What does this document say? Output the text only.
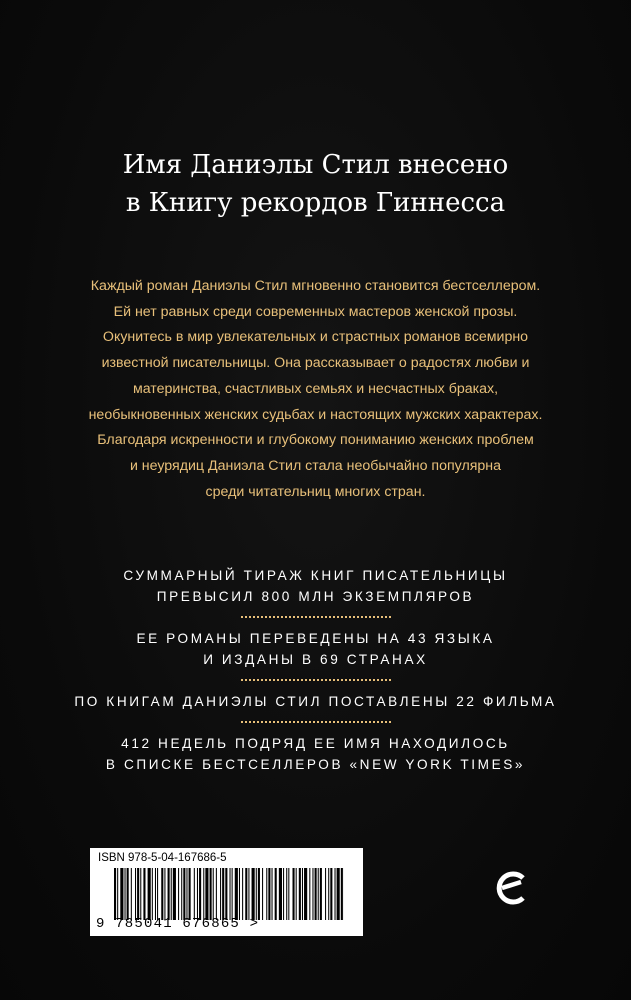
Имя Даниэлы Стил внесено
в Книгу рекордов Гиннесса
Каждый роман Даниэлы Стил мгновенно становится бестселлером.
Ей нет равных среди современных мастеров женской прозы.
Окунитесь в мир увлекательных и страстных романов всемирно
известной писательницы. Она рассказывает о радостях любви и
материнства, счастливых семьях и несчастных браках,
необыкновенных женских судьбах и настоящих мужских характерах.
Благодаря искренности и глубокому пониманию женских проблем
и неурядиц Даниэла Стил стала необычайно популярна
среди читательниц многих стран.
СУММАРНЫЙ ТИРАЖ КНИГ ПИСАТЕЛЬНИЦЫ
ПРЕВЫСИЛ 800 МЛН ЭКЗЕМПЛЯРОВ
ЕЕ РОМАНЫ ПЕРЕВЕДЕНЫ НА 43 ЯЗЫКА
И ИЗДАНЫ В 69 СТРАНАХ
ПО КНИГАМ ДАНИЭЛЫ СТИЛ ПОСТАВЛЕНЫ 22 ФИЛЬМА
412 НЕДЕЛЬ ПОДРЯД ЕЕ ИМЯ НАХОДИЛОСЬ
В СПИСКЕ БЕСТСЕЛЛЕРОВ «NEW YORK TIMES»
ISBN 978-5-04-167686-5
9 785041 676865 >
